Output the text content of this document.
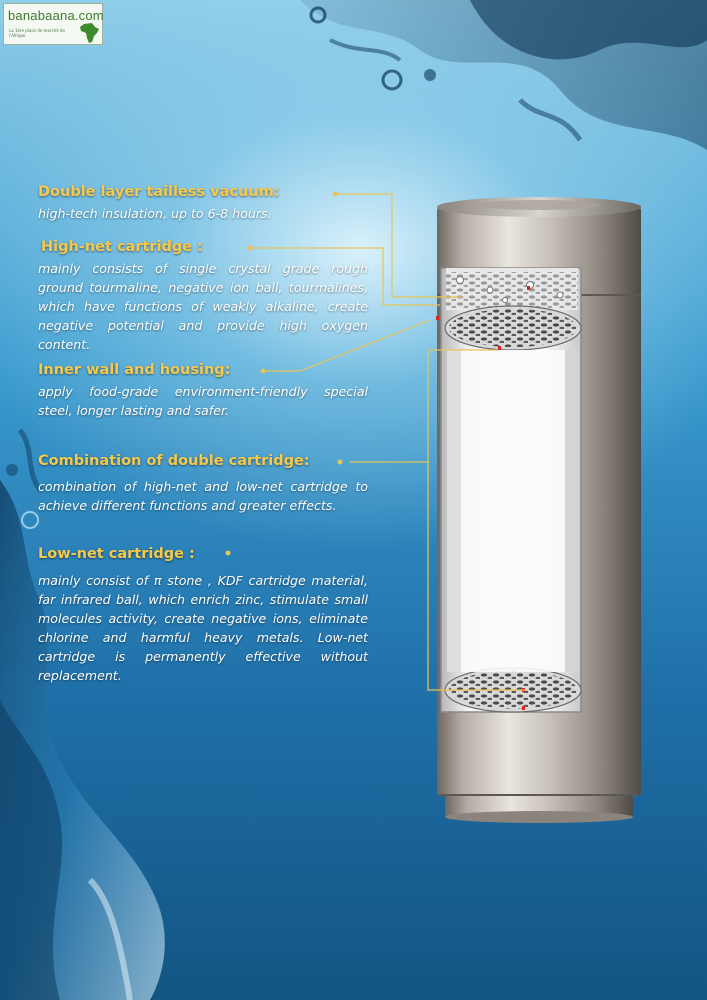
banabaana.com
La 1ère place de marché de l'Afrique
Double layer tailless vacuum:
high-tech insulation, up to 6-8 hours.
High-net cartridge :
mainly consists of single crystal grade rough ground tourmaline, negative ion ball, tourmalines, which have functions of weakly alkaline, create negative potential and provide high oxygen content.
Inner wall and housing:
apply food-grade environment-friendly special steel, longer lasting and safer.
Combination of double cartridge:
combination of high-net and low-net cartridge to achieve different functions and greater effects.
Low-net cartridge :
mainly consist of π stone , KDF cartridge material, far infrared ball, which enrich zinc, stimulate small molecules activity, create negative ions, eliminate chlorine and harmful heavy metals. Low-net cartridge is permanently effective without replacement.
